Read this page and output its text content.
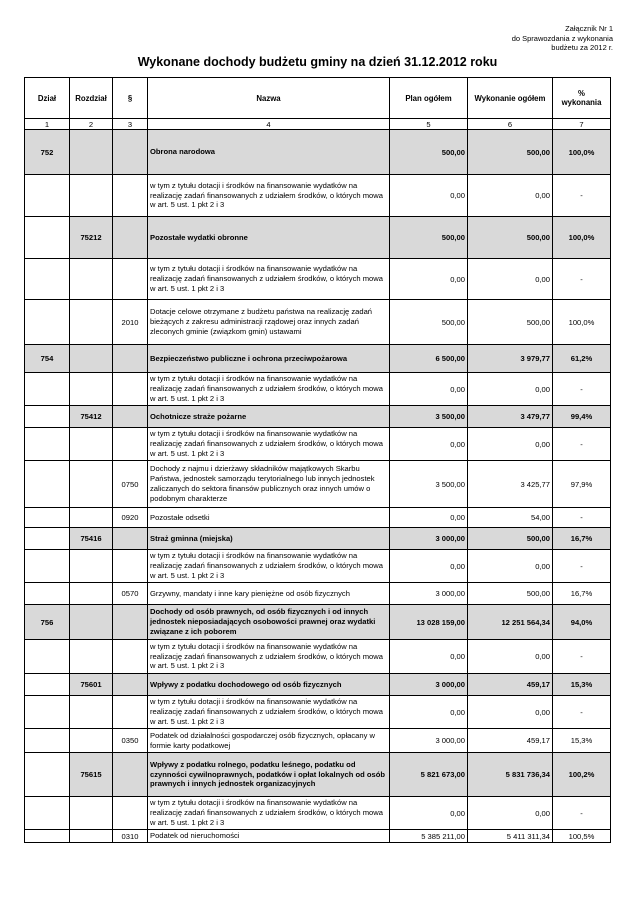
Załącznik Nr 1
do Sprawozdania z wykonania
budżetu za 2012 r.
Wykonane dochody budżetu gminy na dzień 31.12.2012 roku
Dział	Rozdział	§	Nazwa	Plan ogółem	Wykonanie ogółem	%
wykonania

1	2	3	4	5	6	7
752			Obrona narodowa	500,00	500,00	100,0%
			w tym z tytułu dotacji i środków na finansowanie wydatków na realizację zadań finansowanych z udziałem środków, o których mowa w art. 5 ust. 1 pkt 2 i 3	0,00	0,00	-
	75212		Pozostałe wydatki obronne	500,00	500,00	100,0%
			w tym z tytułu dotacji i środków na finansowanie wydatków na realizację zadań finansowanych z udziałem środków, o których mowa w art. 5 ust. 1 pkt 2 i 3	0,00	0,00	-
		2010	Dotacje celowe otrzymane z budżetu państwa na realizację zadań bieżących z zakresu administracji rządowej oraz innych zadań zleconych gminie (związkom gmin) ustawami	500,00	500,00	100,0%
754			Bezpieczeństwo publiczne i ochrona przeciwpożarowa	6 500,00	3 979,77	61,2%
			w tym z tytułu dotacji i środków na finansowanie wydatków na realizację zadań finansowanych z udziałem środków, o których mowa w art. 5 ust. 1 pkt 2 i 3	0,00	0,00	-
	75412		Ochotnicze straże pożarne	3 500,00	3 479,77	99,4%
			w tym z tytułu dotacji i środków na finansowanie wydatków na realizację zadań finansowanych z udziałem środków, o których mowa w art. 5 ust. 1 pkt 2 i 3	0,00	0,00	-
		0750	Dochody z najmu i dzierżawy składników majątkowych Skarbu Państwa, jednostek samorządu terytorialnego lub innych jednostek zaliczanych do sektora finansów publicznych oraz innych umów o podobnym charakterze	3 500,00	3 425,77	97,9%
		0920	Pozostałe odsetki	0,00	54,00	-
	75416		Straż gminna (miejska)	3 000,00	500,00	16,7%
			w tym z tytułu dotacji i środków na finansowanie wydatków na realizację zadań finansowanych z udziałem środków, o których mowa w art. 5 ust. 1 pkt 2 i 3	0,00	0,00	-
		0570	Grzywny, mandaty i inne kary pieniężne od osób fizycznych	3 000,00	500,00	16,7%
756			Dochody od osób prawnych, od osób fizycznych i od innych jednostek nieposiadających osobowości prawnej oraz wydatki związane z ich poborem	13 028 159,00	12 251 564,34	94,0%
			w tym z tytułu dotacji i środków na finansowanie wydatków na realizację zadań finansowanych z udziałem środków, o których mowa w art. 5 ust. 1 pkt 2 i 3	0,00	0,00	-
	75601		Wpływy z podatku dochodowego od osób fizycznych	3 000,00	459,17	15,3%
			w tym z tytułu dotacji i środków na finansowanie wydatków na realizację zadań finansowanych z udziałem środków, o których mowa w art. 5 ust. 1 pkt 2 i 3	0,00	0,00	-
		0350	Podatek od działalności gospodarczej osób fizycznych, opłacany w formie karty podatkowej	3 000,00	459,17	15,3%
	75615		Wpływy z podatku rolnego, podatku leśnego, podatku od czynności cywilnoprawnych, podatków i opłat lokalnych od osób prawnych i innych jednostek organizacyjnych	5 821 673,00	5 831 736,34	100,2%
			w tym z tytułu dotacji i środków na finansowanie wydatków na realizację zadań finansowanych z udziałem środków, o których mowa w art. 5 ust. 1 pkt 2 i 3	0,00	0,00	-
		0310	Podatek od nieruchomości	5 385 211,00	5 411 311,34	100,5%
